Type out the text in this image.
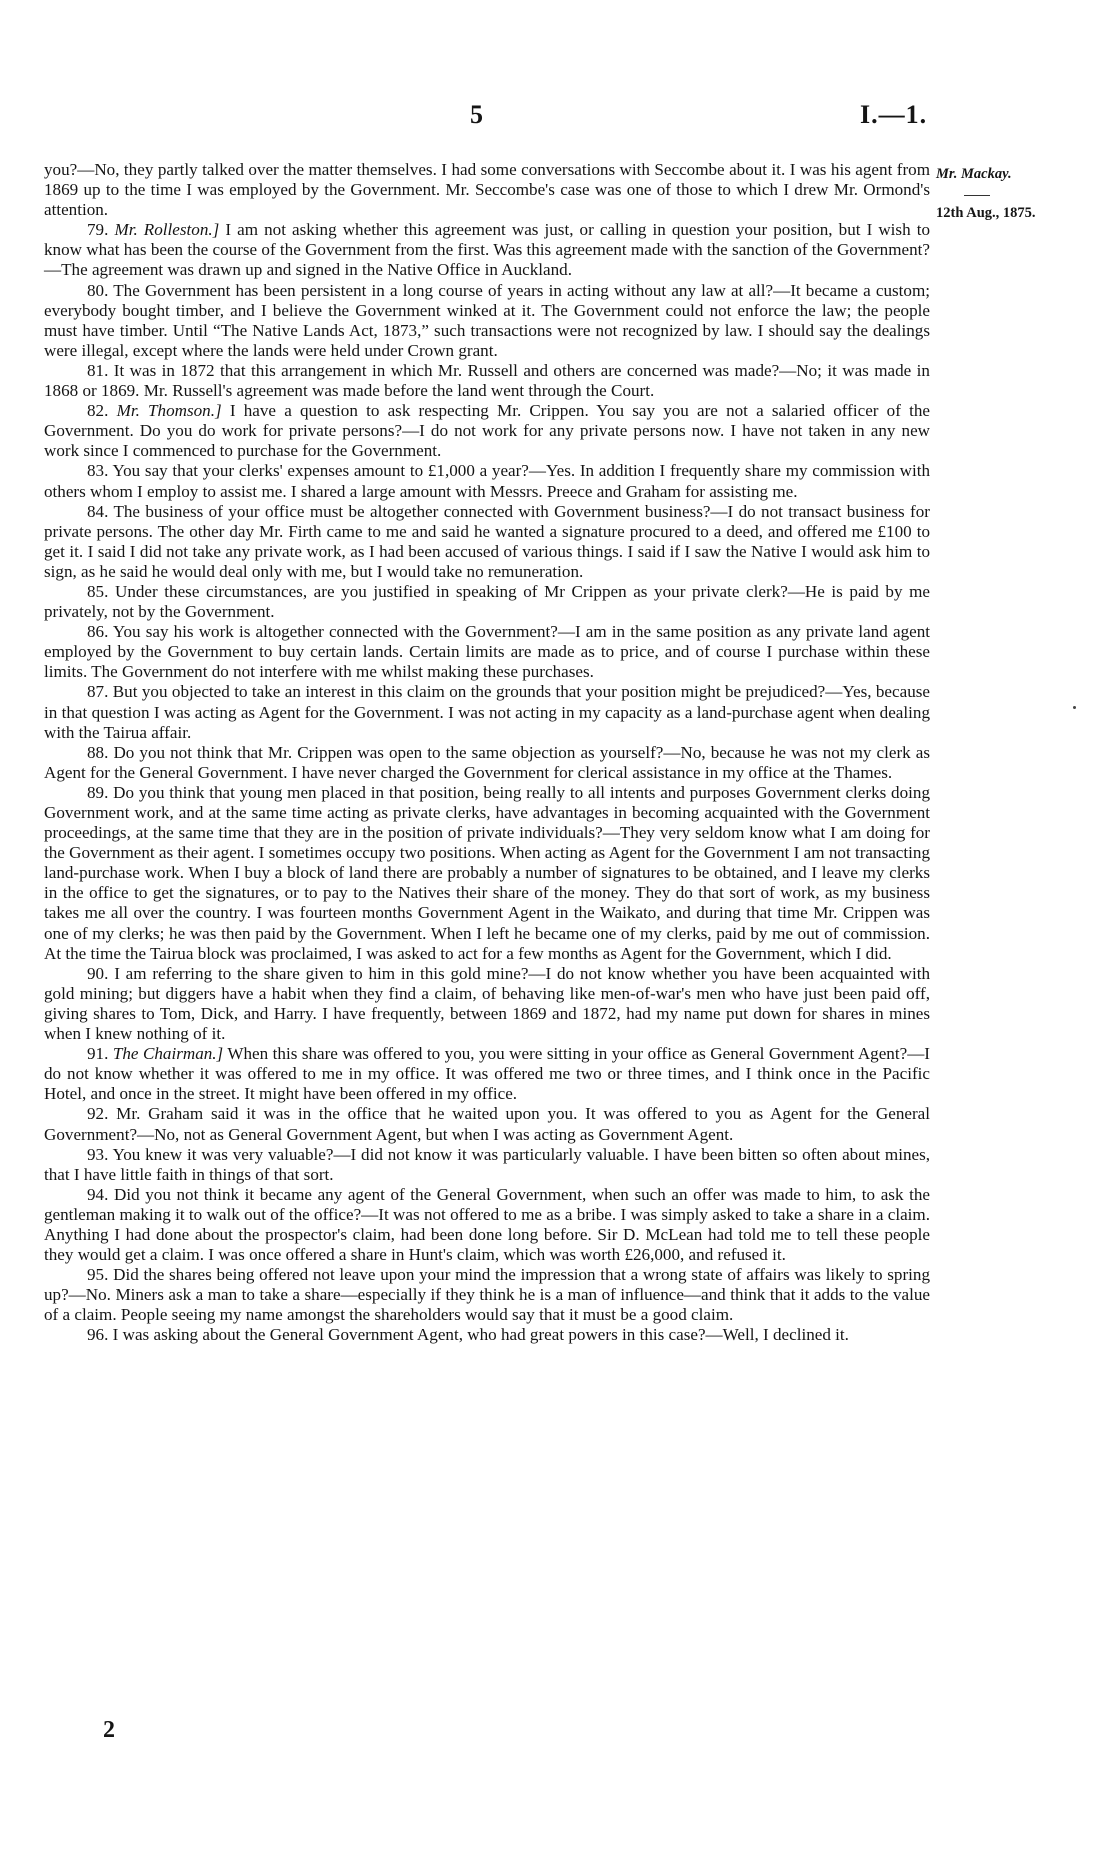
5	I.—1.
Mr. Mackay.
12th Aug., 1875.

you?—No, they partly talked over the matter themselves. I had some conversations with Seccombe about it. I was his agent from 1869 up to the time I was employed by the Government. Mr. Seccombe's case was one of those to which I drew Mr. Ormond's attention.

79. Mr. Rolleston.] I am not asking whether this agreement was just, or calling in question your position, but I wish to know what has been the course of the Government from the first. Was this agreement made with the sanction of the Government?—The agreement was drawn up and signed in the Native Office in Auckland.

80. The Government has been persistent in a long course of years in acting without any law at all?—It became a custom; everybody bought timber, and I believe the Government winked at it. The Government could not enforce the law; the people must have timber. Until “The Native Lands Act, 1873,” such transactions were not recognized by law. I should say the dealings were illegal, except where the lands were held under Crown grant.

81. It was in 1872 that this arrangement in which Mr. Russell and others are concerned was made?—No; it was made in 1868 or 1869. Mr. Russell's agreement was made before the land went through the Court.

82. Mr. Thomson.] I have a question to ask respecting Mr. Crippen. You say you are not a salaried officer of the Government. Do you do work for private persons?—I do not work for any private persons now. I have not taken in any new work since I commenced to purchase for the Government.

83. You say that your clerks' expenses amount to £1,000 a year?—Yes. In addition I frequently share my commission with others whom I employ to assist me. I shared a large amount with Messrs. Preece and Graham for assisting me.

84. The business of your office must be altogether connected with Government business?—I do not transact business for private persons. The other day Mr. Firth came to me and said he wanted a signature procured to a deed, and offered me £100 to get it. I said I did not take any private work, as I had been accused of various things. I said if I saw the Native I would ask him to sign, as he said he would deal only with me, but I would take no remuneration.

85. Under these circumstances, are you justified in speaking of Mr Crippen as your private clerk?—He is paid by me privately, not by the Government.

86. You say his work is altogether connected with the Government?—I am in the same position as any private land agent employed by the Government to buy certain lands. Certain limits are made as to price, and of course I purchase within these limits. The Government do not interfere with me whilst making these purchases.

87. But you objected to take an interest in this claim on the grounds that your position might be prejudiced?—Yes, because in that question I was acting as Agent for the Government. I was not acting in my capacity as a land-purchase agent when dealing with the Tairua affair.

88. Do you not think that Mr. Crippen was open to the same objection as yourself?—No, because he was not my clerk as Agent for the General Government. I have never charged the Government for clerical assistance in my office at the Thames.

89. Do you think that young men placed in that position, being really to all intents and purposes Government clerks doing Government work, and at the same time acting as private clerks, have advantages in becoming acquainted with the Government proceedings, at the same time that they are in the position of private individuals?—They very seldom know what I am doing for the Government as their agent. I sometimes occupy two positions. When acting as Agent for the Government I am not transacting land-purchase work. When I buy a block of land there are probably a number of signatures to be obtained, and I leave my clerks in the office to get the signatures, or to pay to the Natives their share of the money. They do that sort of work, as my business takes me all over the country. I was fourteen months Government Agent in the Waikato, and during that time Mr. Crippen was one of my clerks; he was then paid by the Government. When I left he became one of my clerks, paid by me out of commission. At the time the Tairua block was proclaimed, I was asked to act for a few months as Agent for the Government, which I did.

90. I am referring to the share given to him in this gold mine?—I do not know whether you have been acquainted with gold mining; but diggers have a habit when they find a claim, of behaving like men-of-war's men who have just been paid off, giving shares to Tom, Dick, and Harry. I have frequently, between 1869 and 1872, had my name put down for shares in mines when I knew nothing of it.

91. The Chairman.] When this share was offered to you, you were sitting in your office as General Government Agent?—I do not know whether it was offered to me in my office. It was offered me two or three times, and I think once in the Pacific Hotel, and once in the street. It might have been offered in my office.

92. Mr. Graham said it was in the office that he waited upon you. It was offered to you as Agent for the General Government?—No, not as General Government Agent, but when I was acting as Government Agent.

93. You knew it was very valuable?—I did not know it was particularly valuable. I have been bitten so often about mines, that I have little faith in things of that sort.

94. Did you not think it became any agent of the General Government, when such an offer was made to him, to ask the gentleman making it to walk out of the office?—It was not offered to me as a bribe. I was simply asked to take a share in a claim. Anything I had done about the prospector's claim, had been done long before. Sir D. McLean had told me to tell these people they would get a claim. I was once offered a share in Hunt's claim, which was worth £26,000, and refused it.

95. Did the shares being offered not leave upon your mind the impression that a wrong state of affairs was likely to spring up?—No. Miners ask a man to take a share—especially if they think he is a man of influence—and think that it adds to the value of a claim. People seeing my name amongst the shareholders would say that it must be a good claim.

96. I was asking about the General Government Agent, who had great powers in this case?—Well, I declined it.

2
